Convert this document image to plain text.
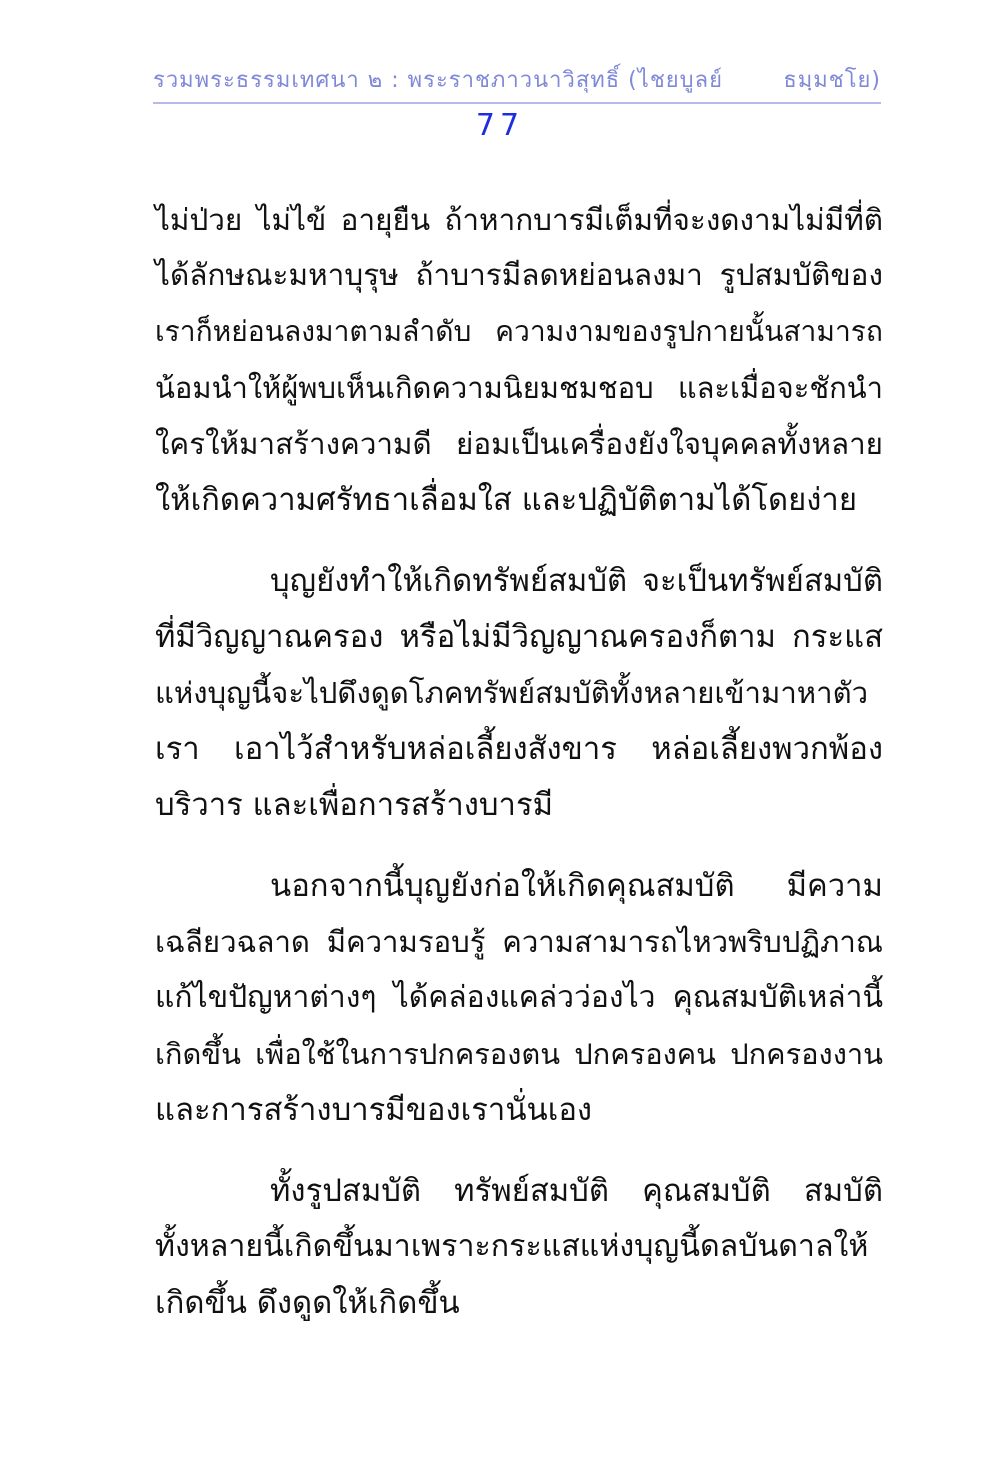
รวมพระธรรมเทศนา ๒ : พระราชภาวนาวิสุทธิ์ (ไชยบูลย์	ธมฺมชโย)
77
ไม่ป่วย ไม่ไข้ อายุยืน ถ้าหากบารมีเต็มที่จะงดงามไม่มีที่ติ
ได้ลักษณะมหาบุรุษ ถ้าบารมีลดหย่อนลงมา รูปสมบัติของ
เราก็หย่อนลงมาตามลำดับ ความงามของรูปกายนั้นสามารถ
น้อมนำให้ผู้พบเห็นเกิดความนิยมชมชอบ และเมื่อจะชักนำ
ใครให้มาสร้างความดี ย่อมเป็นเครื่องยังใจบุคคลทั้งหลาย
ให้เกิดความศรัทธาเลื่อมใส และปฏิบัติตามได้โดยง่าย
บุญยังทำให้เกิดทรัพย์สมบัติ จะเป็นทรัพย์สมบัติ
ที่มีวิญญาณครอง หรือไม่มีวิญญาณครองก็ตาม กระแส
แห่งบุญนี้จะไปดึงดูดโภคทรัพย์สมบัติทั้งหลายเข้ามาหาตัว
เรา เอาไว้สำหรับหล่อเลี้ยงสังขาร หล่อเลี้ยงพวกพ้อง
บริวาร และเพื่อการสร้างบารมี
นอกจากนี้บุญยังก่อให้เกิดคุณสมบัติ มีความ
เฉลียวฉลาด มีความรอบรู้ ความสามารถไหวพริบปฏิภาณ
แก้ไขปัญหาต่างๆ ได้คล่องแคล่วว่องไว คุณสมบัติเหล่านี้
เกิดขึ้น เพื่อใช้ในการปกครองตน ปกครองคน ปกครองงาน
และการสร้างบารมีของเรานั่นเอง
ทั้งรูปสมบัติ ทรัพย์สมบัติ คุณสมบัติ สมบัติ
ทั้งหลายนี้เกิดขึ้นมาเพราะกระแสแห่งบุญนี้ดลบันดาลให้
เกิดขึ้น ดึงดูดให้เกิดขึ้น
